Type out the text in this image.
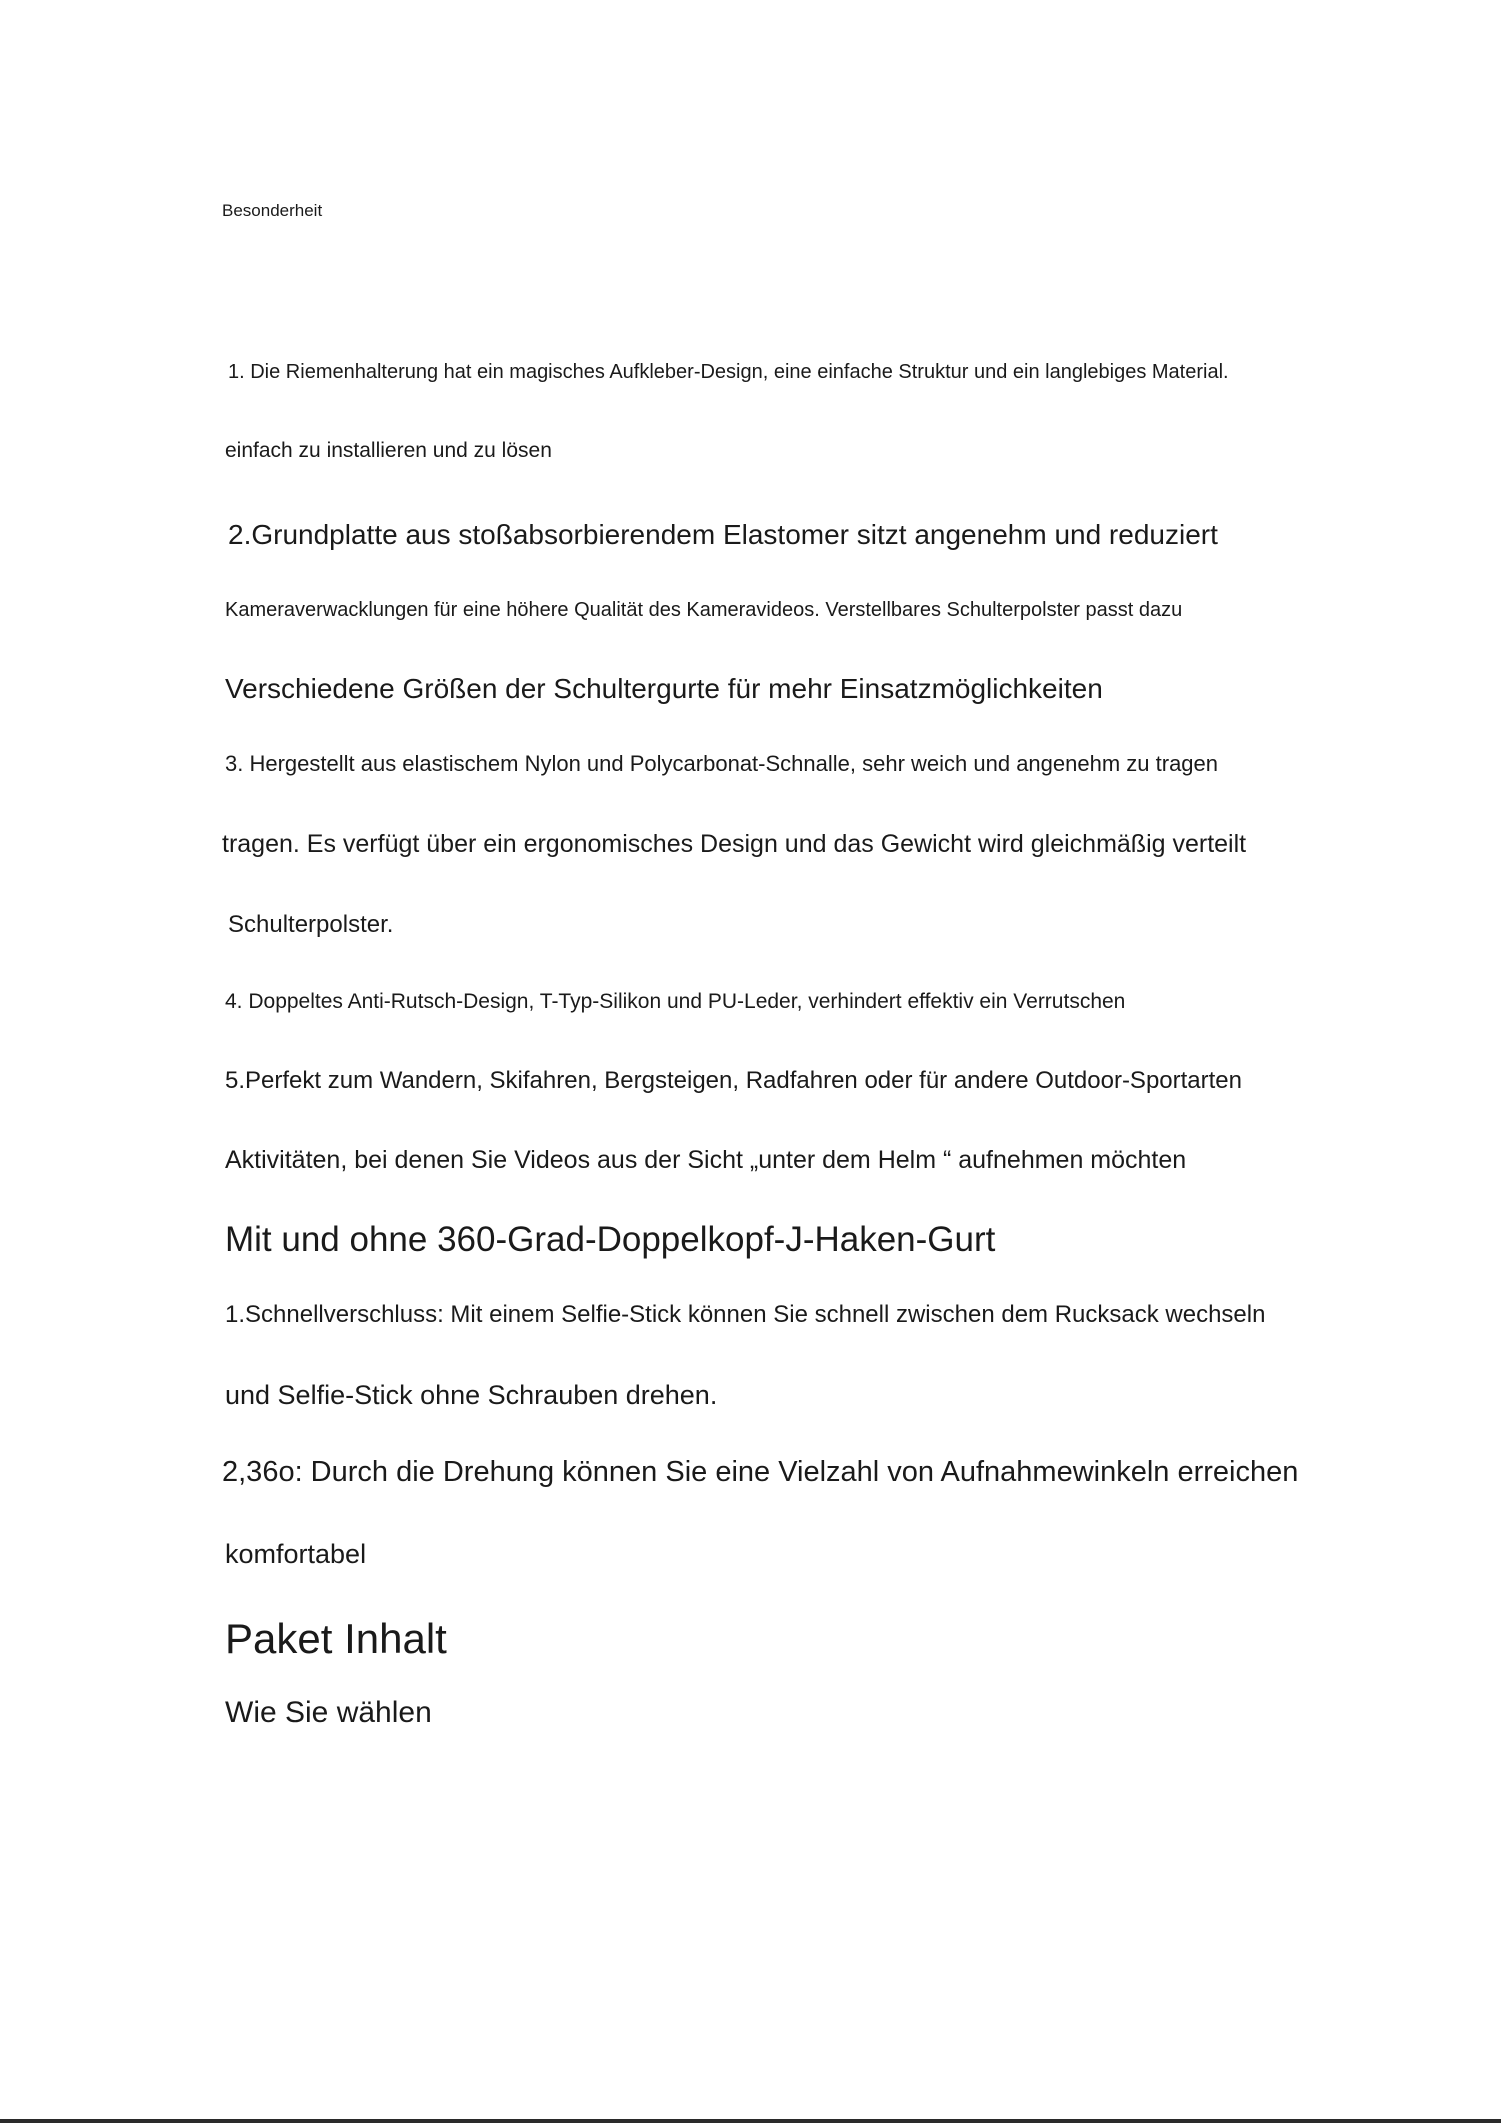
Besonderheit
1. Die Riemenhalterung hat ein magisches Aufkleber-Design, eine einfache Struktur und ein langlebiges Material.
einfach zu installieren und zu lösen
2.Grundplatte aus stoßabsorbierendem Elastomer sitzt angenehm und reduziert
Kameraverwacklungen für eine höhere Qualität des Kameravideos. Verstellbares Schulterpolster passt dazu
Verschiedene Größen der Schultergurte für mehr Einsatzmöglichkeiten
3. Hergestellt aus elastischem Nylon und Polycarbonat-Schnalle, sehr weich und angenehm zu tragen
tragen. Es verfügt über ein ergonomisches Design und das Gewicht wird gleichmäßig verteilt
Schulterpolster.
4. Doppeltes Anti-Rutsch-Design, T-Typ-Silikon und PU-Leder, verhindert effektiv ein Verrutschen
5.Perfekt zum Wandern, Skifahren, Bergsteigen, Radfahren oder für andere Outdoor-Sportarten
Aktivitäten, bei denen Sie Videos aus der Sicht „unter dem Helm “ aufnehmen möchten
Mit und ohne 360-Grad-Doppelkopf-J-Haken-Gurt
1.Schnellverschluss: Mit einem Selfie-Stick können Sie schnell zwischen dem Rucksack wechseln
und Selfie-Stick ohne Schrauben drehen.
2,36o: Durch die Drehung können Sie eine Vielzahl von Aufnahmewinkeln erreichen
komfortabel
Paket Inhalt
Wie Sie wählen
